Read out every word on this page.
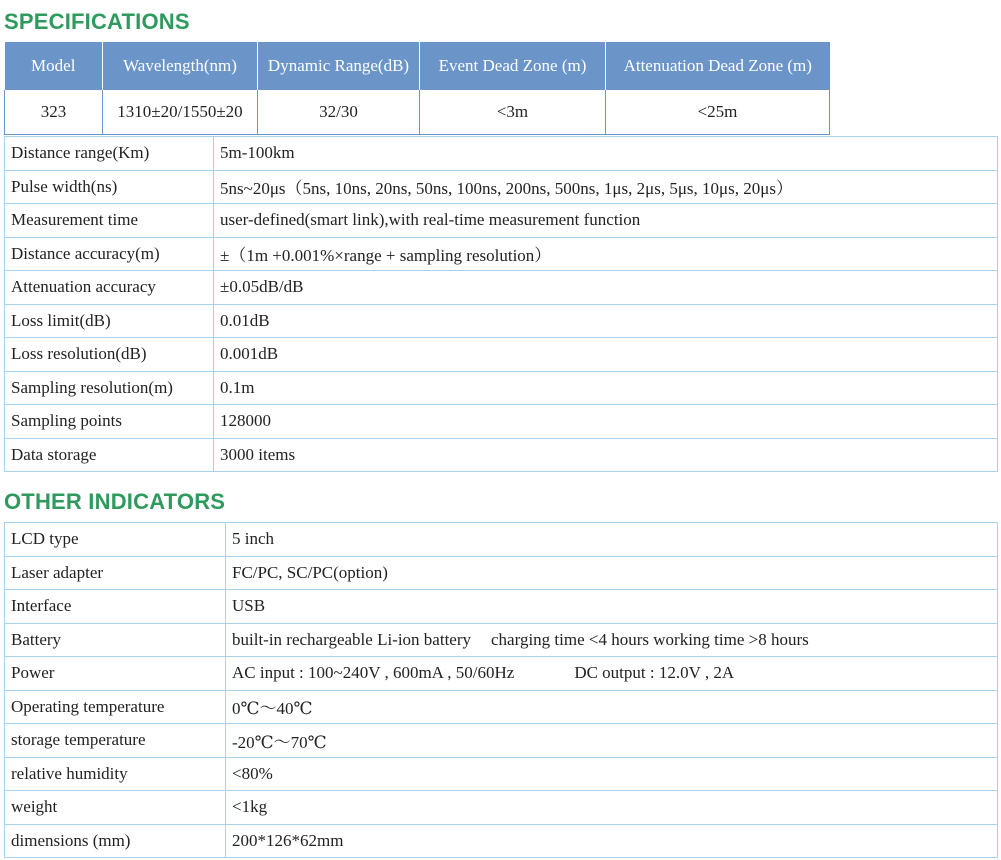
SPECIFICATIONS
Model	Wavelength(nm)	Dynamic Range(dB)	Event Dead Zone (m)	Attenuation Dead Zone (m)
323	1310±20/1550±20	32/30	<3m	<25m
Distance range(Km)	5m-100km
Pulse width(ns)	5ns~20μs（5ns, 10ns, 20ns, 50ns, 100ns, 200ns, 500ns, 1μs, 2μs, 5μs, 10μs, 20μs）
Measurement time	user-defined(smart link),with real-time measurement function
Distance accuracy(m)	±（1m +0.001%×range + sampling resolution）
Attenuation accuracy	±0.05dB/dB
Loss limit(dB)	0.01dB
Loss resolution(dB)	0.001dB
Sampling resolution(m)	0.1m
Sampling points	128000
Data storage	3000 items
OTHER INDICATORS
LCD type	5 inch
Laser adapter	FC/PC, SC/PC(option)
Interface	USB
Battery	built-in rechargeable Li-ion battery charging time <4 hours working time >8 hours
Power	AC input : 100~240V , 600mA , 50/60Hz DC output : 12.0V , 2A
Operating temperature	0℃～40℃
storage temperature	-20℃～70℃
relative humidity	<80%
weight	<1kg
dimensions (mm)	200*126*62mm
